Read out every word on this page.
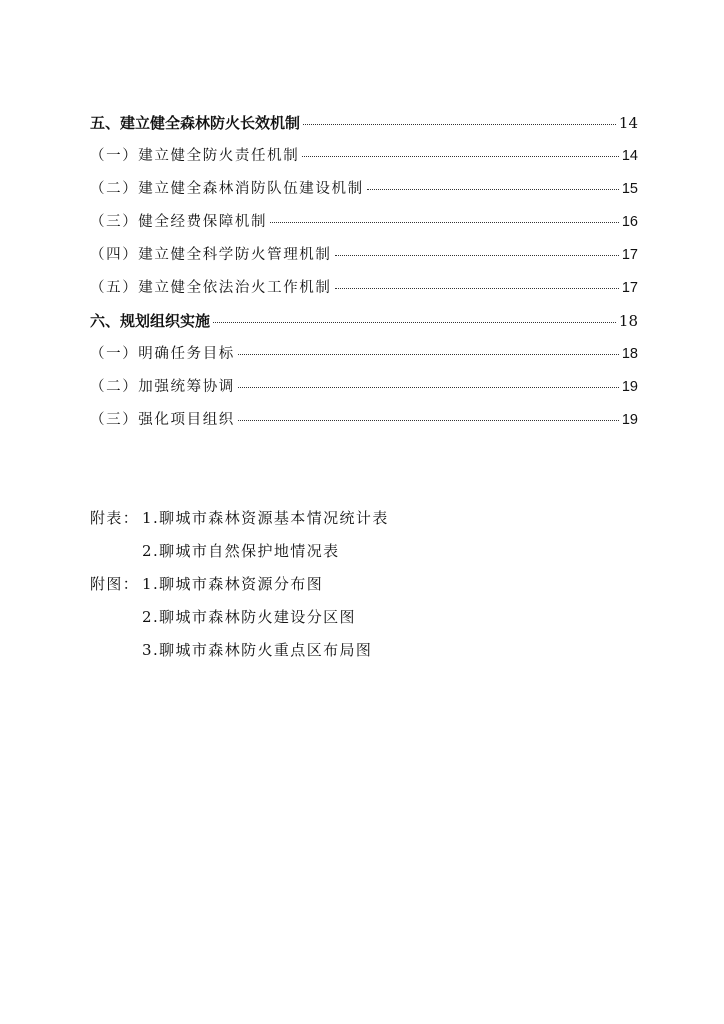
五、建立健全森林防火长效机制	14
（一）建立健全防火责任机制	14
（二）建立健全森林消防队伍建设机制	15
（三）健全经费保障机制	16
（四）建立健全科学防火管理机制	17
（五）建立健全依法治火工作机制	17
六、规划组织实施	18
（一）明确任务目标	18
（二）加强统筹协调	19
（三）强化项目组织	19
附表： 1.聊城市森林资源基本情况统计表
2.聊城市自然保护地情况表
附图： 1.聊城市森林资源分布图
2.聊城市森林防火建设分区图
3.聊城市森林防火重点区布局图
